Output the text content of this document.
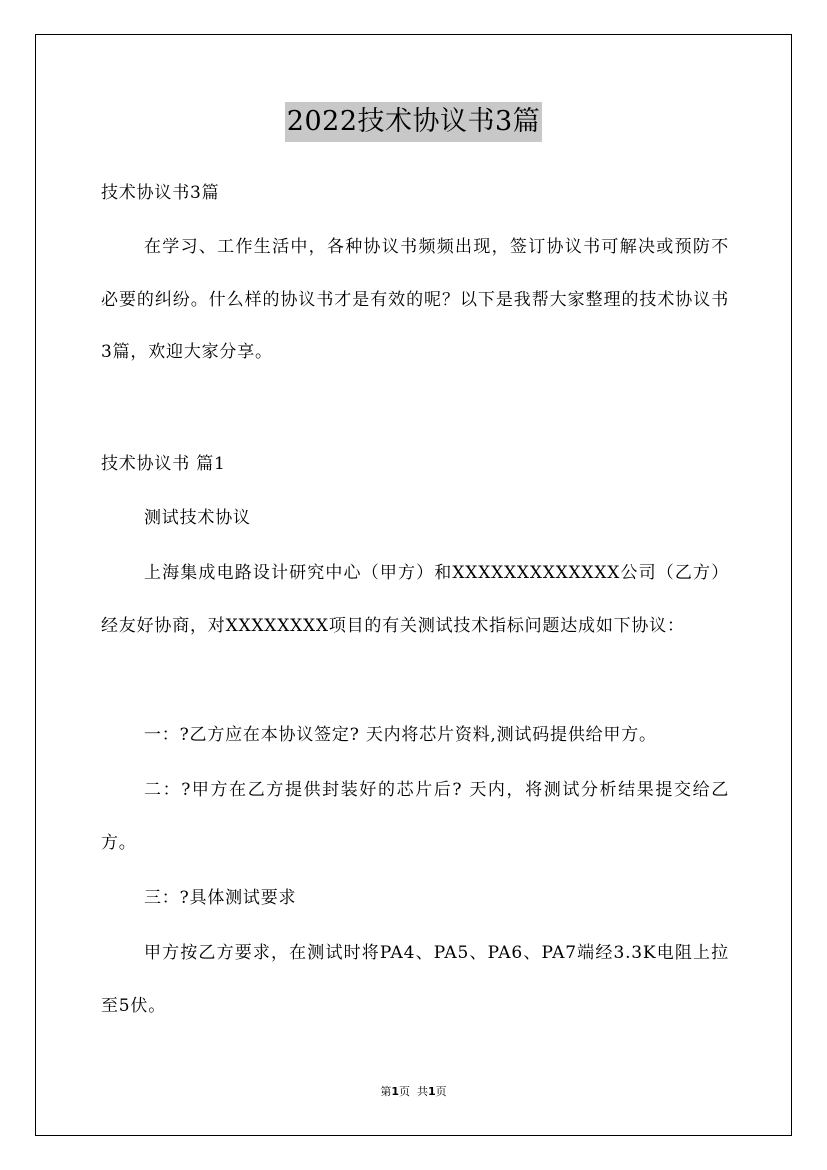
2022技术协议书3篇

技术协议书3篇

在学习、工作生活中，各种协议书频频出现，签订协议书可解决或预防不必要的纠纷。什么样的协议书才是有效的呢？以下是我帮大家整理的技术协议书3篇，欢迎大家分享。

技术协议书 篇1

测试技术协议

上海集成电路设计研究中心（甲方）和XXXXXXXXXXXXX公司（乙方）经友好协商，对XXXXXXXX项目的有关测试技术指标问题达成如下协议：

一：?乙方应在本协议签定? 天内将芯片资料,测试码提供给甲方。

二：?甲方在乙方提供封装好的芯片后? 天内，将测试分析结果提交给乙方。

三：?具体测试要求

甲方按乙方要求，在测试时将PA4、PA5、PA6、PA7端经3.3K电阻上拉至5伏。

第1页 共1页
